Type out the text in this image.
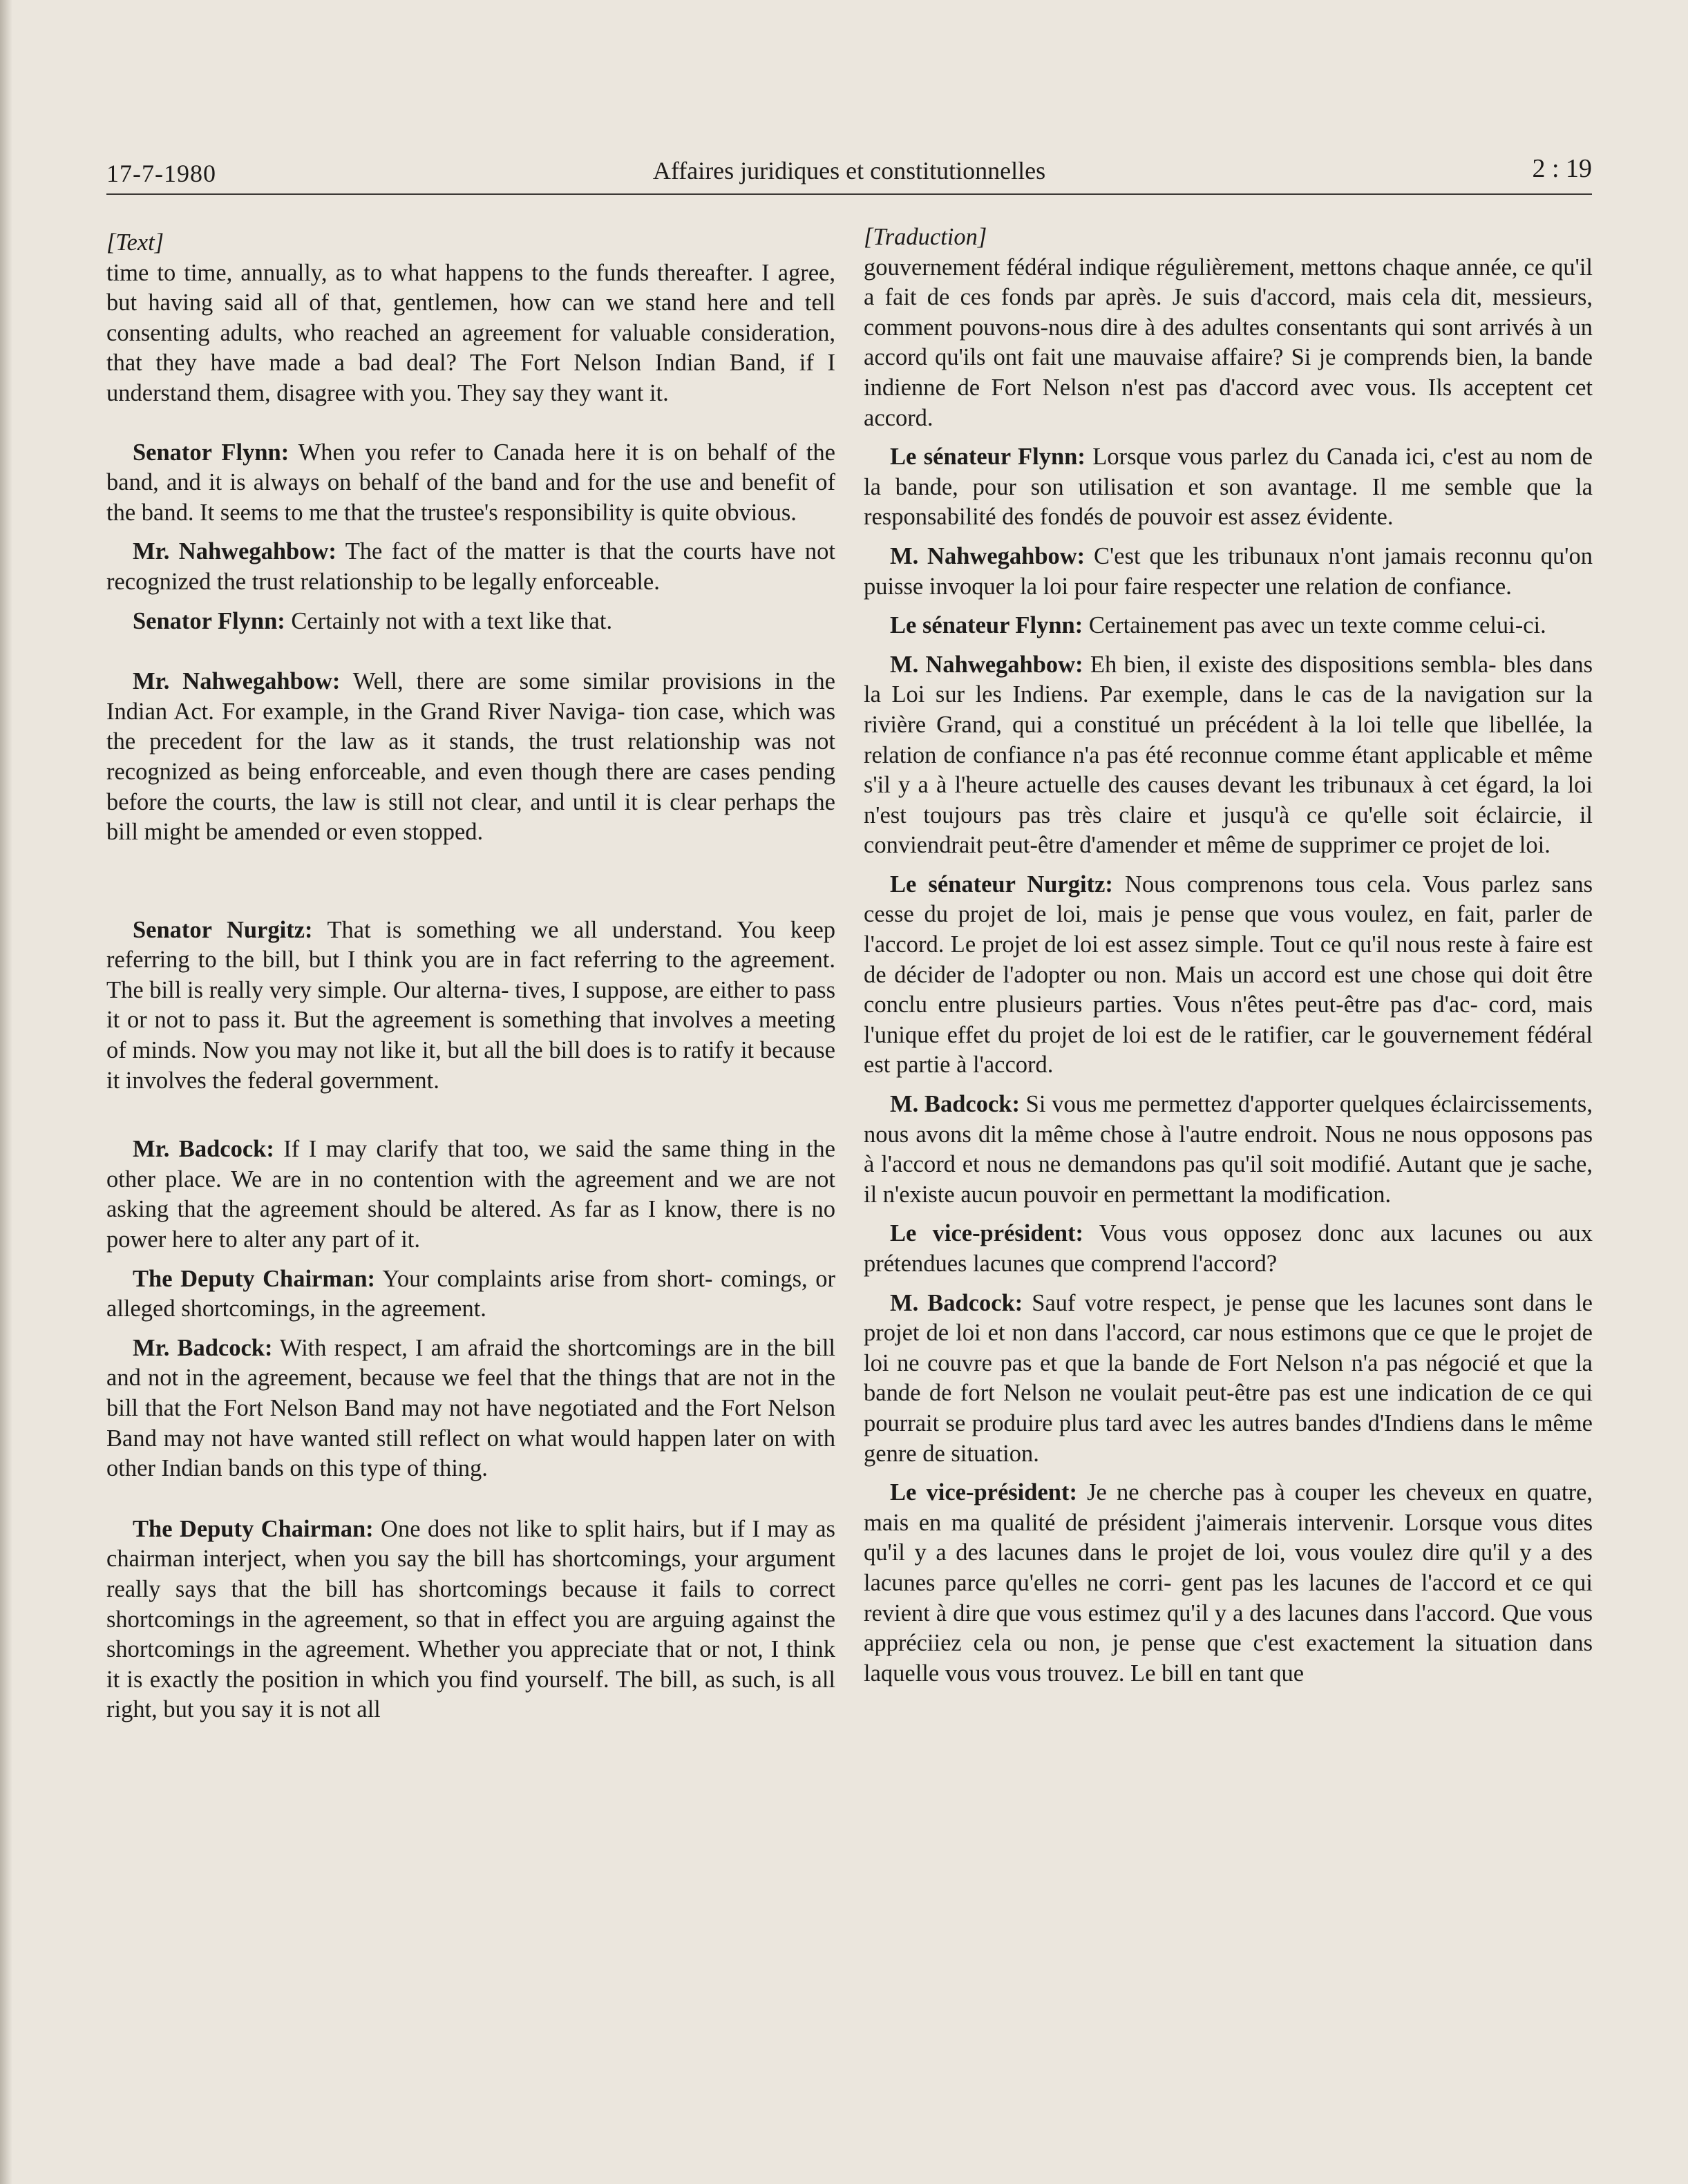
17-7-1980	Affaires juridiques et constitutionnelles	2 : 19
[Text]

time to time, annually, as to what happens to the funds thereafter. I agree, but having said all of that, gentlemen, how can we stand here and tell consenting adults, who reached an agreement for valuable consideration, that they have made a bad deal? The Fort Nelson Indian Band, if I understand them, disagree with you. They say they want it.

Senator Flynn: When you refer to Canada here it is on behalf of the band, and it is always on behalf of the band and for the use and benefit of the band. It seems to me that the trustee's responsibility is quite obvious.

Mr. Nahwegahbow: The fact of the matter is that the courts have not recognized the trust relationship to be legally enforceable.

Senator Flynn: Certainly not with a text like that.

Mr. Nahwegahbow: Well, there are some similar provisions in the Indian Act. For example, in the Grand River Naviga- tion case, which was the precedent for the law as it stands, the trust relationship was not recognized as being enforceable, and even though there are cases pending before the courts, the law is still not clear, and until it is clear perhaps the bill might be amended or even stopped.

Senator Nurgitz: That is something we all understand. You keep referring to the bill, but I think you are in fact referring to the agreement. The bill is really very simple. Our alterna- tives, I suppose, are either to pass it or not to pass it. But the agreement is something that involves a meeting of minds. Now you may not like it, but all the bill does is to ratify it because it involves the federal government.

Mr. Badcock: If I may clarify that too, we said the same thing in the other place. We are in no contention with the agreement and we are not asking that the agreement should be altered. As far as I know, there is no power here to alter any part of it.

The Deputy Chairman: Your complaints arise from short- comings, or alleged shortcomings, in the agreement.

Mr. Badcock: With respect, I am afraid the shortcomings are in the bill and not in the agreement, because we feel that the things that are not in the bill that the Fort Nelson Band may not have negotiated and the Fort Nelson Band may not have wanted still reflect on what would happen later on with other Indian bands on this type of thing.

The Deputy Chairman: One does not like to split hairs, but if I may as chairman interject, when you say the bill has shortcomings, your argument really says that the bill has shortcomings because it fails to correct shortcomings in the agreement, so that in effect you are arguing against the shortcomings in the agreement. Whether you appreciate that or not, I think it is exactly the position in which you find yourself. The bill, as such, is all right, but you say it is not all

[Traduction]

gouvernement fédéral indique régulièrement, mettons chaque année, ce qu'il a fait de ces fonds par après. Je suis d'accord, mais cela dit, messieurs, comment pouvons-nous dire à des adultes consentants qui sont arrivés à un accord qu'ils ont fait une mauvaise affaire? Si je comprends bien, la bande indienne de Fort Nelson n'est pas d'accord avec vous. Ils acceptent cet accord.

Le sénateur Flynn: Lorsque vous parlez du Canada ici, c'est au nom de la bande, pour son utilisation et son avantage. Il me semble que la responsabilité des fondés de pouvoir est assez évidente.

M. Nahwegahbow: C'est que les tribunaux n'ont jamais reconnu qu'on puisse invoquer la loi pour faire respecter une relation de confiance.

Le sénateur Flynn: Certainement pas avec un texte comme celui-ci.

M. Nahwegahbow: Eh bien, il existe des dispositions sembla- bles dans la Loi sur les Indiens. Par exemple, dans le cas de la navigation sur la rivière Grand, qui a constitué un précédent à la loi telle que libellée, la relation de confiance n'a pas été reconnue comme étant applicable et même s'il y a à l'heure actuelle des causes devant les tribunaux à cet égard, la loi n'est toujours pas très claire et jusqu'à ce qu'elle soit éclaircie, il conviendrait peut-être d'amender et même de supprimer ce projet de loi.

Le sénateur Nurgitz: Nous comprenons tous cela. Vous parlez sans cesse du projet de loi, mais je pense que vous voulez, en fait, parler de l'accord. Le projet de loi est assez simple. Tout ce qu'il nous reste à faire est de décider de l'adopter ou non. Mais un accord est une chose qui doit être conclu entre plusieurs parties. Vous n'êtes peut-être pas d'ac- cord, mais l'unique effet du projet de loi est de le ratifier, car le gouvernement fédéral est partie à l'accord.

M. Badcock: Si vous me permettez d'apporter quelques éclaircissements, nous avons dit la même chose à l'autre endroit. Nous ne nous opposons pas à l'accord et nous ne demandons pas qu'il soit modifié. Autant que je sache, il n'existe aucun pouvoir en permettant la modification.

Le vice-président: Vous vous opposez donc aux lacunes ou aux prétendues lacunes que comprend l'accord?

M. Badcock: Sauf votre respect, je pense que les lacunes sont dans le projet de loi et non dans l'accord, car nous estimons que ce que le projet de loi ne couvre pas et que la bande de Fort Nelson n'a pas négocié et que la bande de fort Nelson ne voulait peut-être pas est une indication de ce qui pourrait se produire plus tard avec les autres bandes d'Indiens dans le même genre de situation.

Le vice-président: Je ne cherche pas à couper les cheveux en quatre, mais en ma qualité de président j'aimerais intervenir. Lorsque vous dites qu'il y a des lacunes dans le projet de loi, vous voulez dire qu'il y a des lacunes parce qu'elles ne corri- gent pas les lacunes de l'accord et ce qui revient à dire que vous estimez qu'il y a des lacunes dans l'accord. Que vous appréciiez cela ou non, je pense que c'est exactement la situation dans laquelle vous vous trouvez. Le bill en tant que
